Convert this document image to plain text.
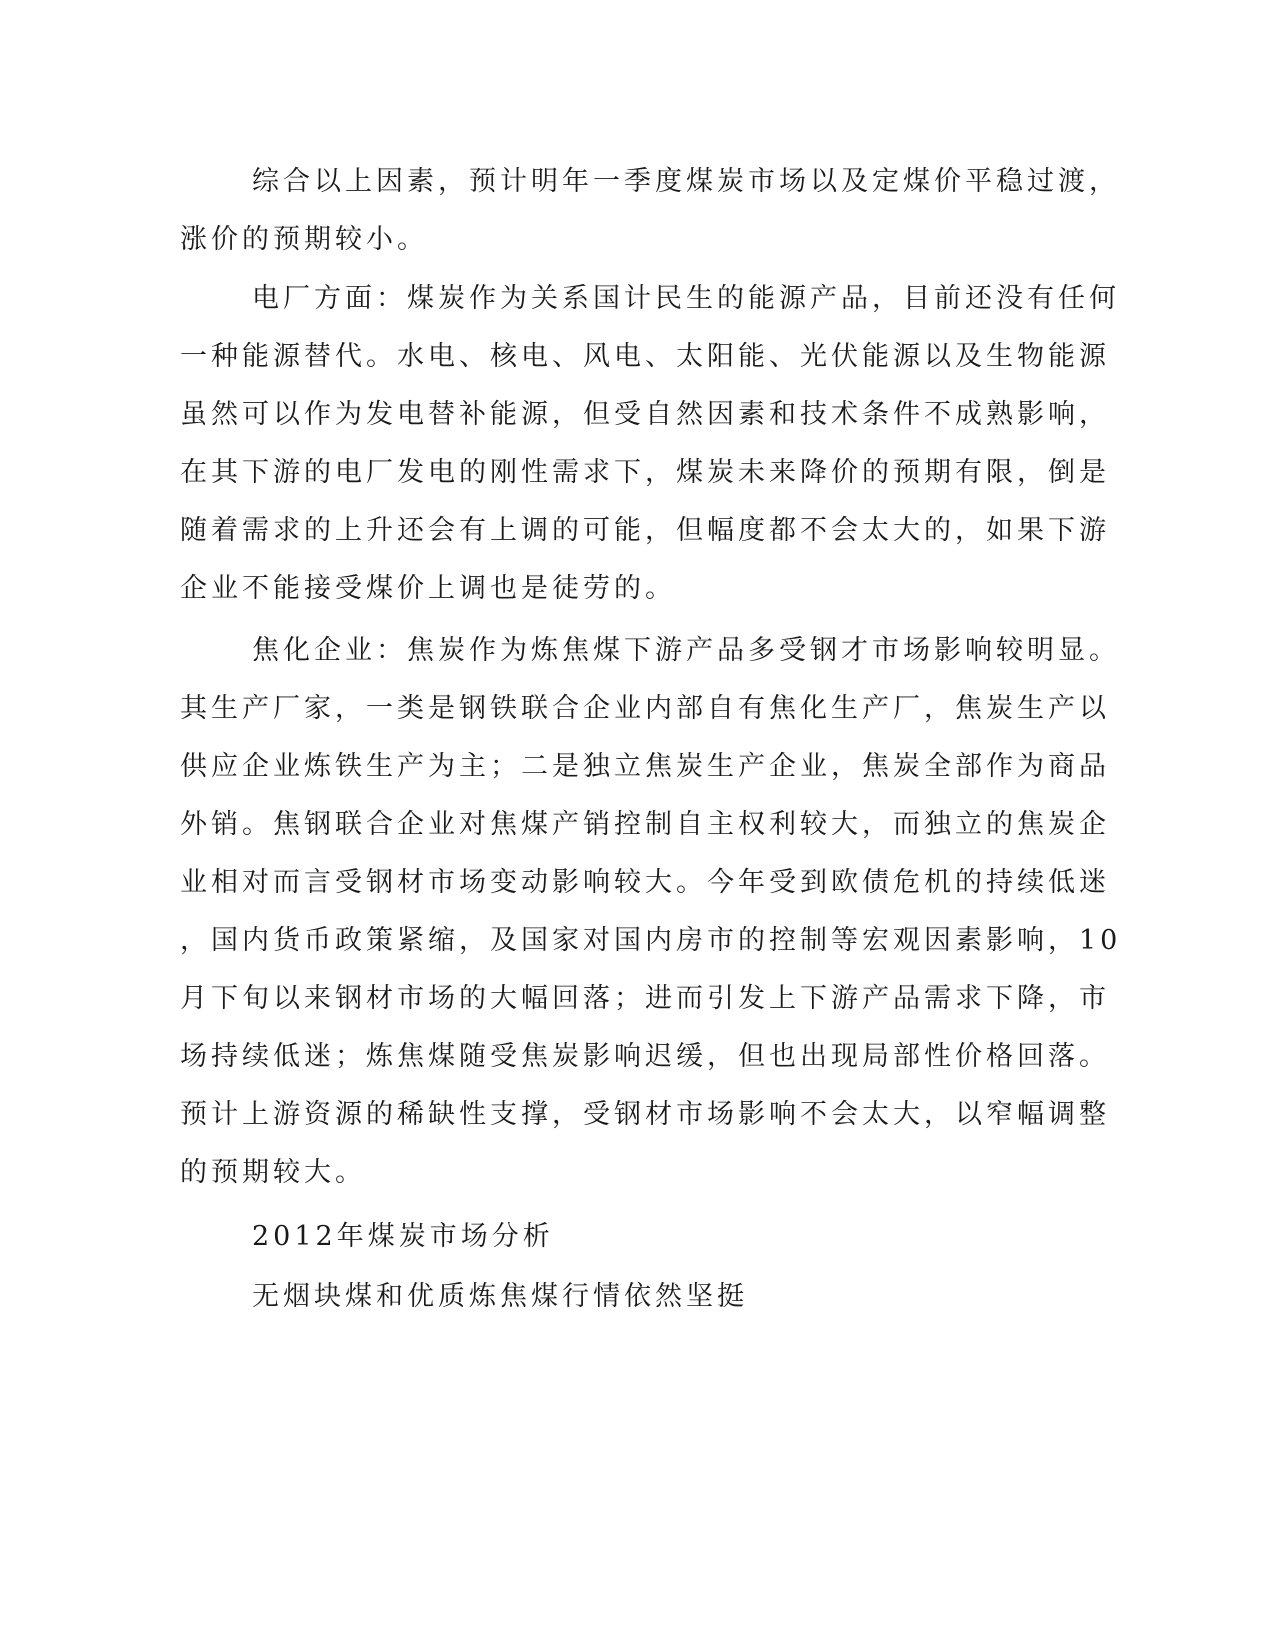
综合以上因素，预计明年一季度煤炭市场以及定煤价平稳过渡，
涨价的预期较小。
电厂方面：煤炭作为关系国计民生的能源产品，目前还没有任何
一种能源替代。水电、核电、风电、太阳能、光伏能源以及生物能源
虽然可以作为发电替补能源，但受自然因素和技术条件不成熟影响，
在其下游的电厂发电的刚性需求下，煤炭未来降价的预期有限，倒是
随着需求的上升还会有上调的可能，但幅度都不会太大的，如果下游
企业不能接受煤价上调也是徒劳的。
焦化企业：焦炭作为炼焦煤下游产品多受钢才市场影响较明显。
其生产厂家，一类是钢铁联合企业内部自有焦化生产厂，焦炭生产以
供应企业炼铁生产为主；二是独立焦炭生产企业，焦炭全部作为商品
外销。焦钢联合企业对焦煤产销控制自主权利较大，而独立的焦炭企
业相对而言受钢材市场变动影响较大。今年受到欧债危机的持续低迷
，国内货币政策紧缩，及国家对国内房市的控制等宏观因素影响，10
月下旬以来钢材市场的大幅回落；进而引发上下游产品需求下降，市
场持续低迷；炼焦煤随受焦炭影响迟缓，但也出现局部性价格回落。
预计上游资源的稀缺性支撑，受钢材市场影响不会太大，以窄幅调整
的预期较大。
2012年煤炭市场分析
无烟块煤和优质炼焦煤行情依然坚挺
